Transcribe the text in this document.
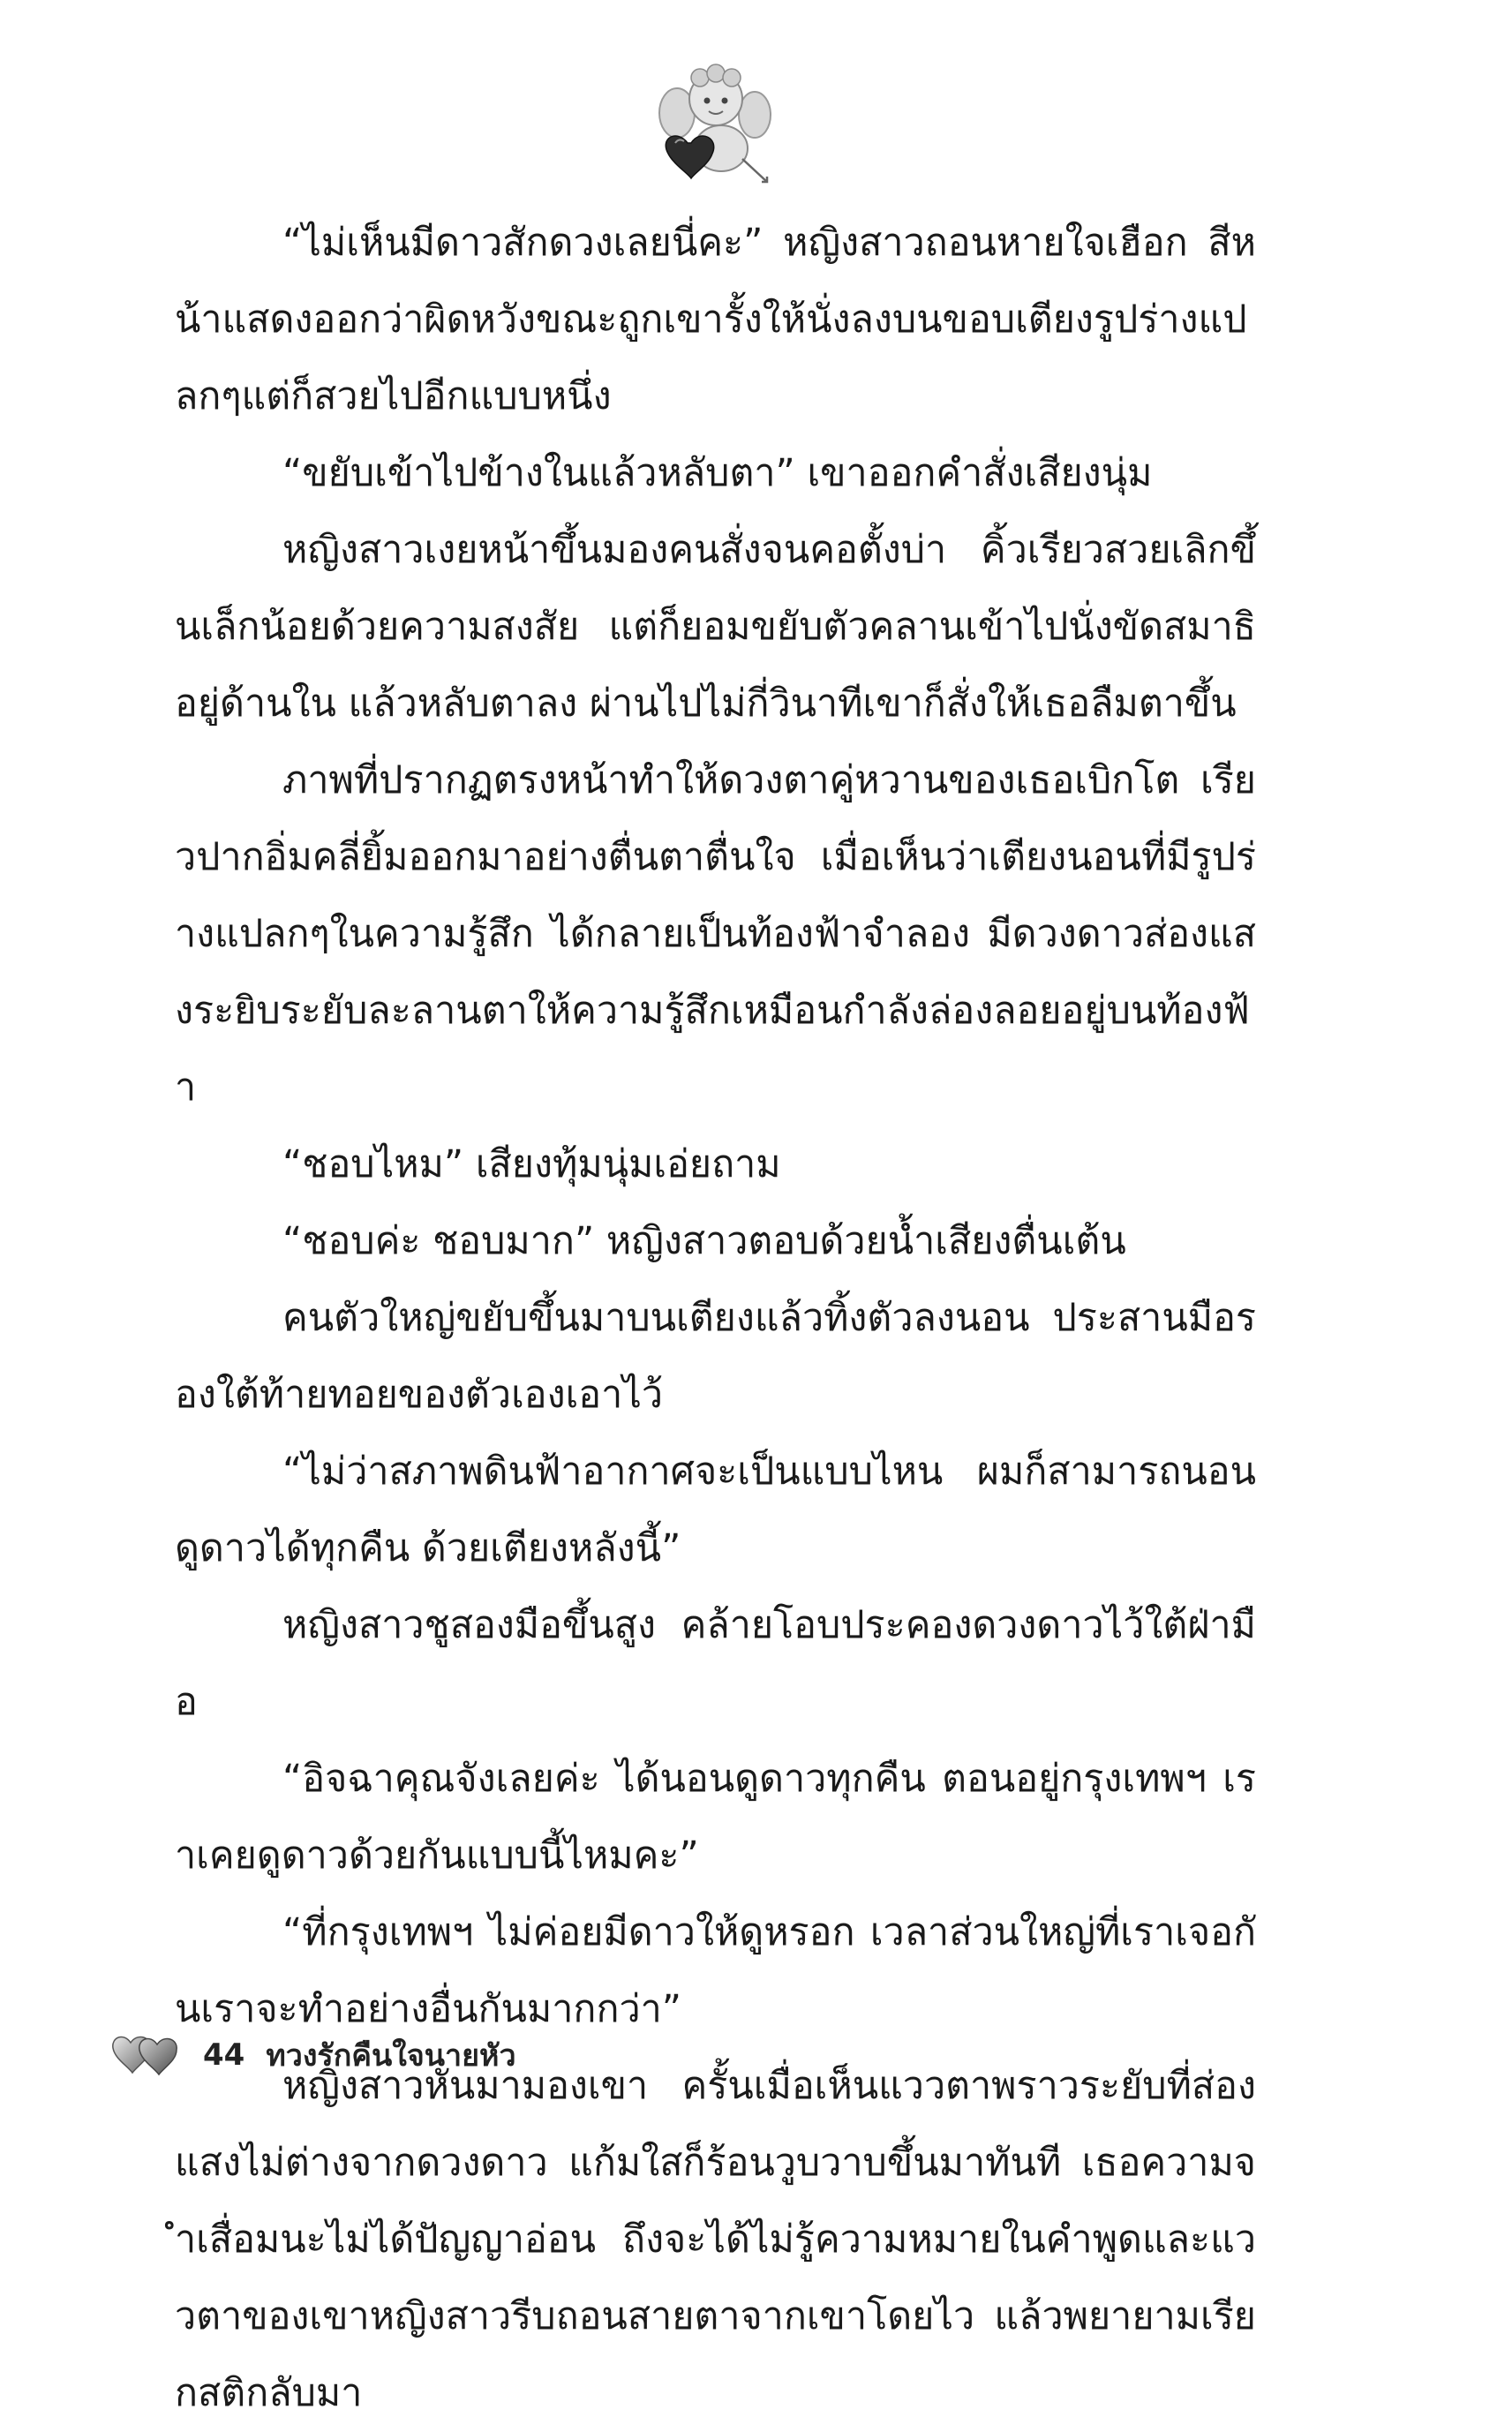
“ไม่เห็นมีดาวสักดวงเลยนี่คะ” หญิงสาวถอนหายใจเฮือก สีหน้าแสดงออกว่าผิดหวังขณะถูกเขารั้งให้นั่งลงบนขอบเตียงรูปร่างแปลกๆแต่ก็สวยไปอีกแบบหนึ่ง

“ขยับเข้าไปข้างในแล้วหลับตา” เขาออกคำสั่งเสียงนุ่ม

หญิงสาวเงยหน้าขึ้นมองคนสั่งจนคอตั้งบ่า คิ้วเรียวสวยเลิกขึ้นเล็กน้อยด้วยความสงสัย แต่ก็ยอมขยับตัวคลานเข้าไปนั่งขัดสมาธิอยู่ด้านใน แล้วหลับตาลง ผ่านไปไม่กี่วินาทีเขาก็สั่งให้เธอลืมตาขึ้น

ภาพที่ปรากฏตรงหน้าทำให้ดวงตาคู่หวานของเธอเบิกโต เรียวปากอิ่มคลี่ยิ้มออกมาอย่างตื่นตาตื่นใจ เมื่อเห็นว่าเตียงนอนที่มีรูปร่างแปลกๆในความรู้สึก ได้กลายเป็นท้องฟ้าจำลอง มีดวงดาวส่องแสงระยิบระยับละลานตาให้ความรู้สึกเหมือนกำลังล่องลอยอยู่บนท้องฟ้า

“ชอบไหม” เสียงทุ้มนุ่มเอ่ยถาม

“ชอบค่ะ ชอบมาก” หญิงสาวตอบด้วยน้ำเสียงตื่นเต้น

คนตัวใหญ่ขยับขึ้นมาบนเตียงแล้วทิ้งตัวลงนอน ประสานมือรองใต้ท้ายทอยของตัวเองเอาไว้

“ไม่ว่าสภาพดินฟ้าอากาศจะเป็นแบบไหน ผมก็สามารถนอนดูดาวได้ทุกคืน ด้วยเตียงหลังนี้”

หญิงสาวชูสองมือขึ้นสูง คล้ายโอบประคองดวงดาวไว้ใต้ฝ่ามือ

“อิจฉาคุณจังเลยค่ะ ได้นอนดูดาวทุกคืน ตอนอยู่กรุงเทพฯ เราเคยดูดาวด้วยกันแบบนี้ไหมคะ”

“ที่กรุงเทพฯ ไม่ค่อยมีดาวให้ดูหรอก เวลาส่วนใหญ่ที่เราเจอกันเราจะทำอย่างอื่นกันมากกว่า”

หญิงสาวหันมามองเขา ครั้นเมื่อเห็นแววตาพราวระยับที่ส่องแสงไม่ต่างจากดวงดาว แก้มใสก็ร้อนวูบวาบขึ้นมาทันที เธอความจำเสื่อมนะไม่ได้ปัญญาอ่อน ถึงจะได้ไม่รู้ความหมายในคำพูดและแววตาของเขาหญิงสาวรีบถอนสายตาจากเขาโดยไว แล้วพยายามเรียกสติกลับมา

44 ทวงรักคืนใจนายหัว
